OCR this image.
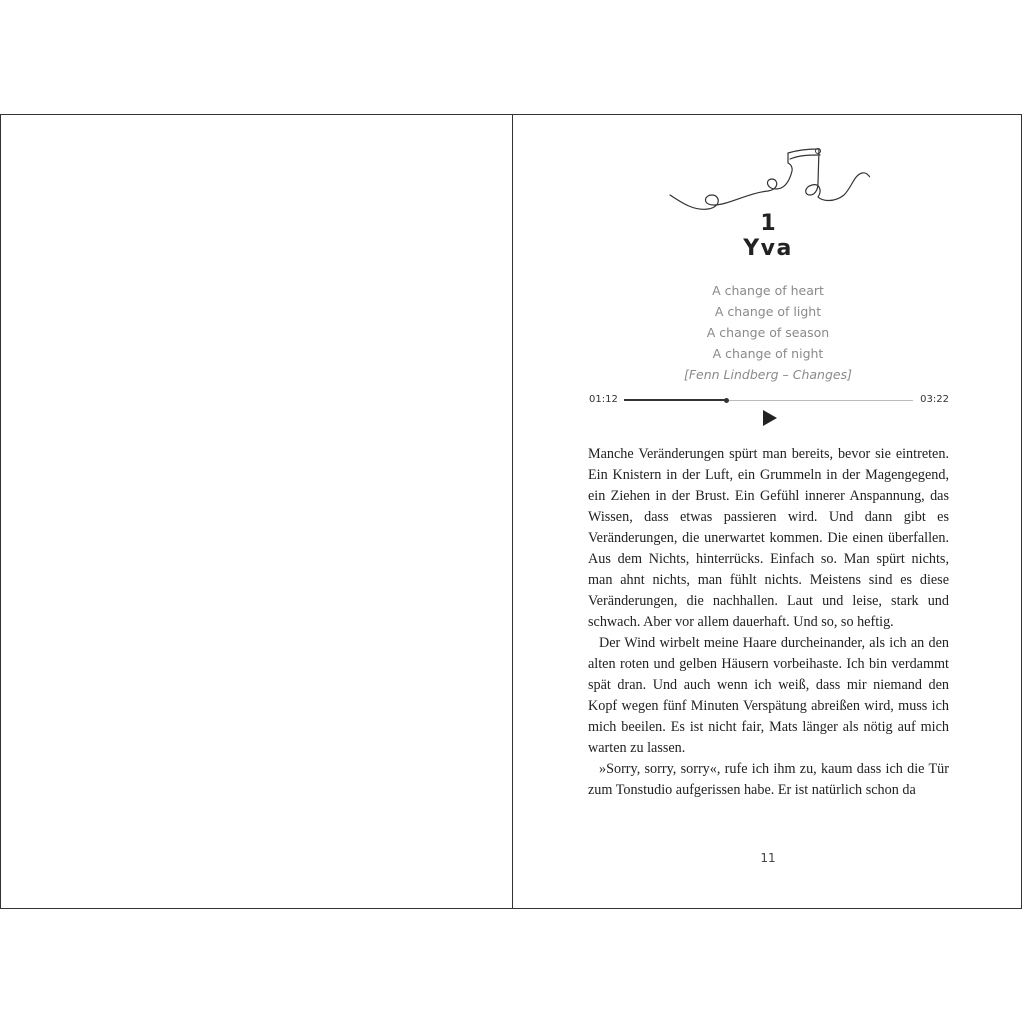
1
Yva
A change of heart
A change of light
A change of season
A change of night
[Fenn Lindberg – Changes]
01:12	03:22

Manche Veränderungen spürt man bereits, bevor sie eintreten. Ein Knistern in der Luft, ein Grummeln in der Magengegend, ein Ziehen in der Brust. Ein Gefühl innerer Anspannung, das Wissen, dass etwas passieren wird. Und dann gibt es Veränderungen, die unerwartet kommen. Die einen überfallen. Aus dem Nichts, hinterrücks. Einfach so. Man spürt nichts, man ahnt nichts, man fühlt nichts. Meistens sind es diese Veränderungen, die nachhallen. Laut und leise, stark und schwach. Aber vor allem dauerhaft. Und so, so heftig.

Der Wind wirbelt meine Haare durcheinander, als ich an den alten roten und gelben Häusern vorbeihaste. Ich bin verdammt spät dran. Und auch wenn ich weiß, dass mir niemand den Kopf wegen fünf Minuten Verspätung abreißen wird, muss ich mich beeilen. Es ist nicht fair, Mats länger als nötig auf mich warten zu lassen.

»Sorry, sorry, sorry«, rufe ich ihm zu, kaum dass ich die Tür zum Tonstudio aufgerissen habe. Er ist natürlich schon da

11
